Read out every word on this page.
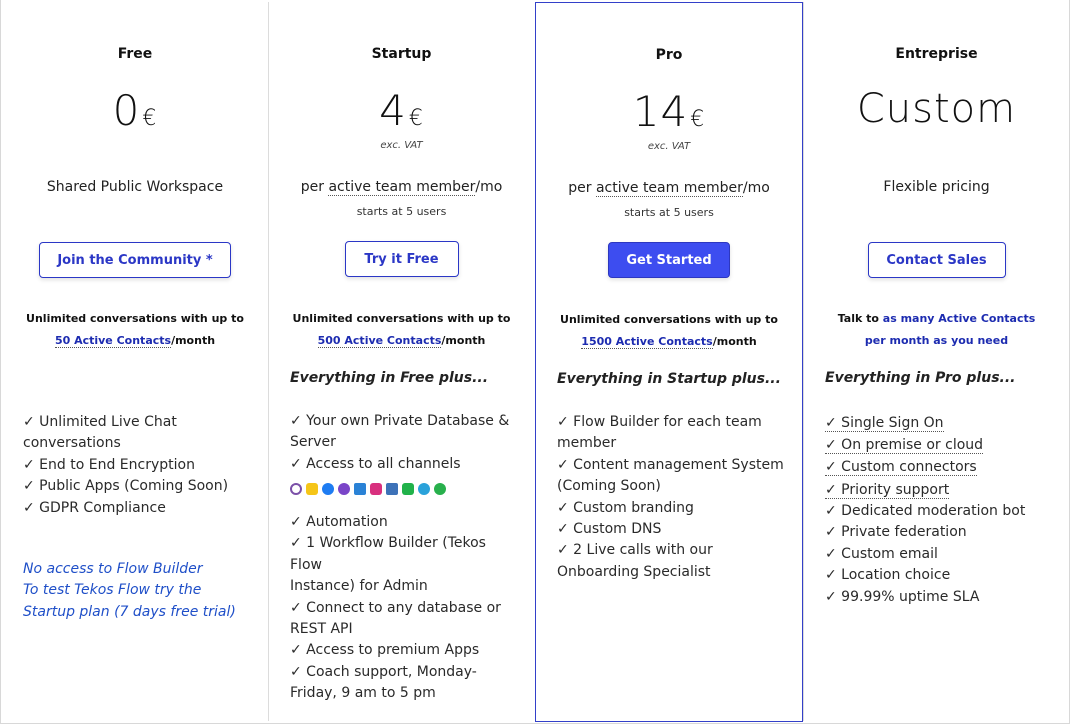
Free
0€
Shared Public Workspace
Join the Community *
Unlimited conversations with up to
50 Active Contacts/month
✓ Unlimited Live Chat
conversations
✓ End to End Encryption
✓ Public Apps (Coming Soon)
✓ GDPR Compliance
No access to Flow Builder
To test Tekos Flow try the
Startup plan (7 days free trial)
Startup
4€
exc. VAT
per active team member/mo
starts at 5 users
Try it Free
Unlimited conversations with up to
500 Active Contacts/month
Everything in Free plus...
✓ Your own Private Database &
Server
✓ Access to all channels
✓ Automation
✓ 1 Workflow Builder (Tekos Flow
Instance) for Admin
✓ Connect to any database or
REST API
✓ Access to premium Apps
✓ Coach support, Monday-
Friday, 9 am to 5 pm
Pro
14€
exc. VAT
per active team member/mo
starts at 5 users
Get Started
Unlimited conversations with up to
1500 Active Contacts/month
Everything in Startup plus...
✓ Flow Builder for each team
member
✓ Content management System
(Coming Soon)
✓ Custom branding
✓ Custom DNS
✓ 2 Live calls with our
Onboarding Specialist
Entreprise
Custom
Flexible pricing
Contact Sales
Talk to as many Active Contacts per month as you need
Everything in Pro plus...
✓ Single Sign On
✓ On premise or cloud
✓ Custom connectors
✓ Priority support
✓ Dedicated moderation bot
✓ Private federation
✓ Custom email
✓ Location choice
✓ 99.99% uptime SLA
